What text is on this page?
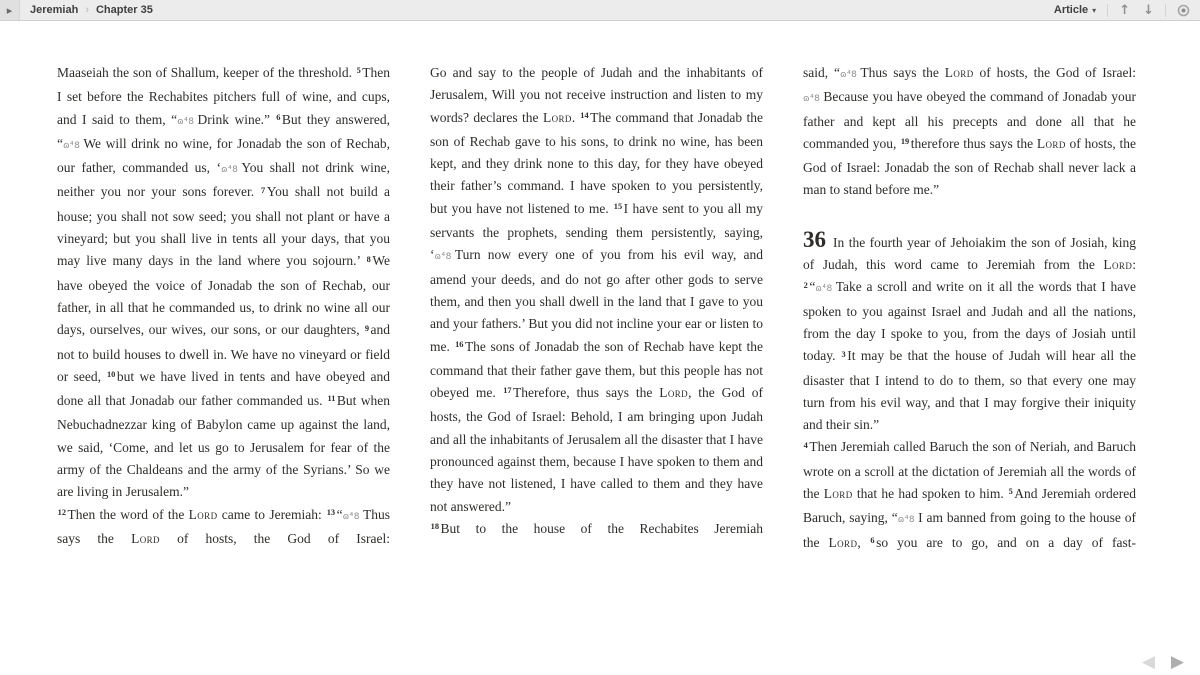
▸ Jeremiah › Chapter 35	Article ▾ ↑ ↓

Maaseiah the son of Shallum, keeper of the threshold. $^5$ Then I set before the Rechabites pitchers full of wine, and cups, and I said to them, “ɷ⁴8 Drink wine.” $^6$ But they answered, “ɷ⁴8 We will drink no wine, for Jonadab the son of Rechab, our father, commanded us, ‘ɷ⁴8 You shall not drink wine, neither you nor your sons forever. $^7$ You shall not build a house; you shall not sow seed; you shall not plant or have a vineyard; but you shall live in tents all your days, that you may live many days in the land where you sojourn.’ $^8$ We have obeyed the voice of Jonadab the son of Rechab, our father, in all that he commanded us, to drink no wine all our days, ourselves, our wives, our sons, or our daughters, $^9$ and not to build houses to dwell in. We have no vineyard or field or seed, $^{10}$ but we have lived in tents and have obeyed and done all that Jonadab our father commanded us. $^{11}$ But when Nebuchadnezzar king of Babylon came up against the land, we said, ‘Come, and let us go to Jerusalem for fear of the army of the Chaldeans and the army of the Syrians.’ So we are living in Jerusalem.”

$^{12}$ Then the word of the Lord came to Jeremiah: $^{13}$ “ɷ⁴8 Thus says the Lord of hosts, the God of Israel:

Go and say to the people of Judah and the inhabitants of Jerusalem, Will you not receive instruction and listen to my words? declares the Lord. $^{14}$ The command that Jonadab the son of Rechab gave to his sons, to drink no wine, has been kept, and they drink none to this day, for they have obeyed their father’s command. I have spoken to you persistently, but you have not listened to me. $^{15}$ I have sent to you all my servants the prophets, sending them persistently, saying, ‘ɷ⁴8 Turn now every one of you from his evil way, and amend your deeds, and do not go after other gods to serve them, and then you shall dwell in the land that I gave to you and your fathers.’ But you did not incline your ear or listen to me. $^{16}$ The sons of Jonadab the son of Rechab have kept the command that their father gave them, but this people has not obeyed me. $^{17}$ Therefore, thus says the Lord, the God of hosts, the God of Israel: Behold, I am bringing upon Judah and all the inhabitants of Jerusalem all the disaster that I have pronounced against them, because I have spoken to them and they have not listened, I have called to them and they have not answered.”

$^{18}$ But to the house of the Rechabites Jeremiah

said, “ɷ⁴8 Thus says the Lord of hosts, the God of Israel: ɷ⁴8 Because you have obeyed the command of Jonadab your father and kept all his precepts and done all that he commanded you, $^{19}$ therefore thus says the Lord of hosts, the God of Israel: Jonadab the son of Rechab shall never lack a man to stand before me.”

36 In the fourth year of Jehoiakim the son of Josiah, king of Judah, this word came to Jeremiah from the Lord: $^2$ “ɷ⁴8 Take a scroll and write on it all the words that I have spoken to you against Israel and Judah and all the nations, from the day I spoke to you, from the days of Josiah until today. $^3$ It may be that the house of Judah will hear all the disaster that I intend to do to them, so that every one may turn from his evil way, and that I may forgive their iniquity and their sin.”

$^4$ Then Jeremiah called Baruch the son of Neriah, and Baruch wrote on a scroll at the dictation of Jeremiah all the words of the Lord that he had spoken to him. $^5$ And Jeremiah ordered Baruch, saying, “ɷ⁴8 I am banned from going to the house of the Lord, $^6$ so you are to go, and on a day of fast-

◀ ▶
